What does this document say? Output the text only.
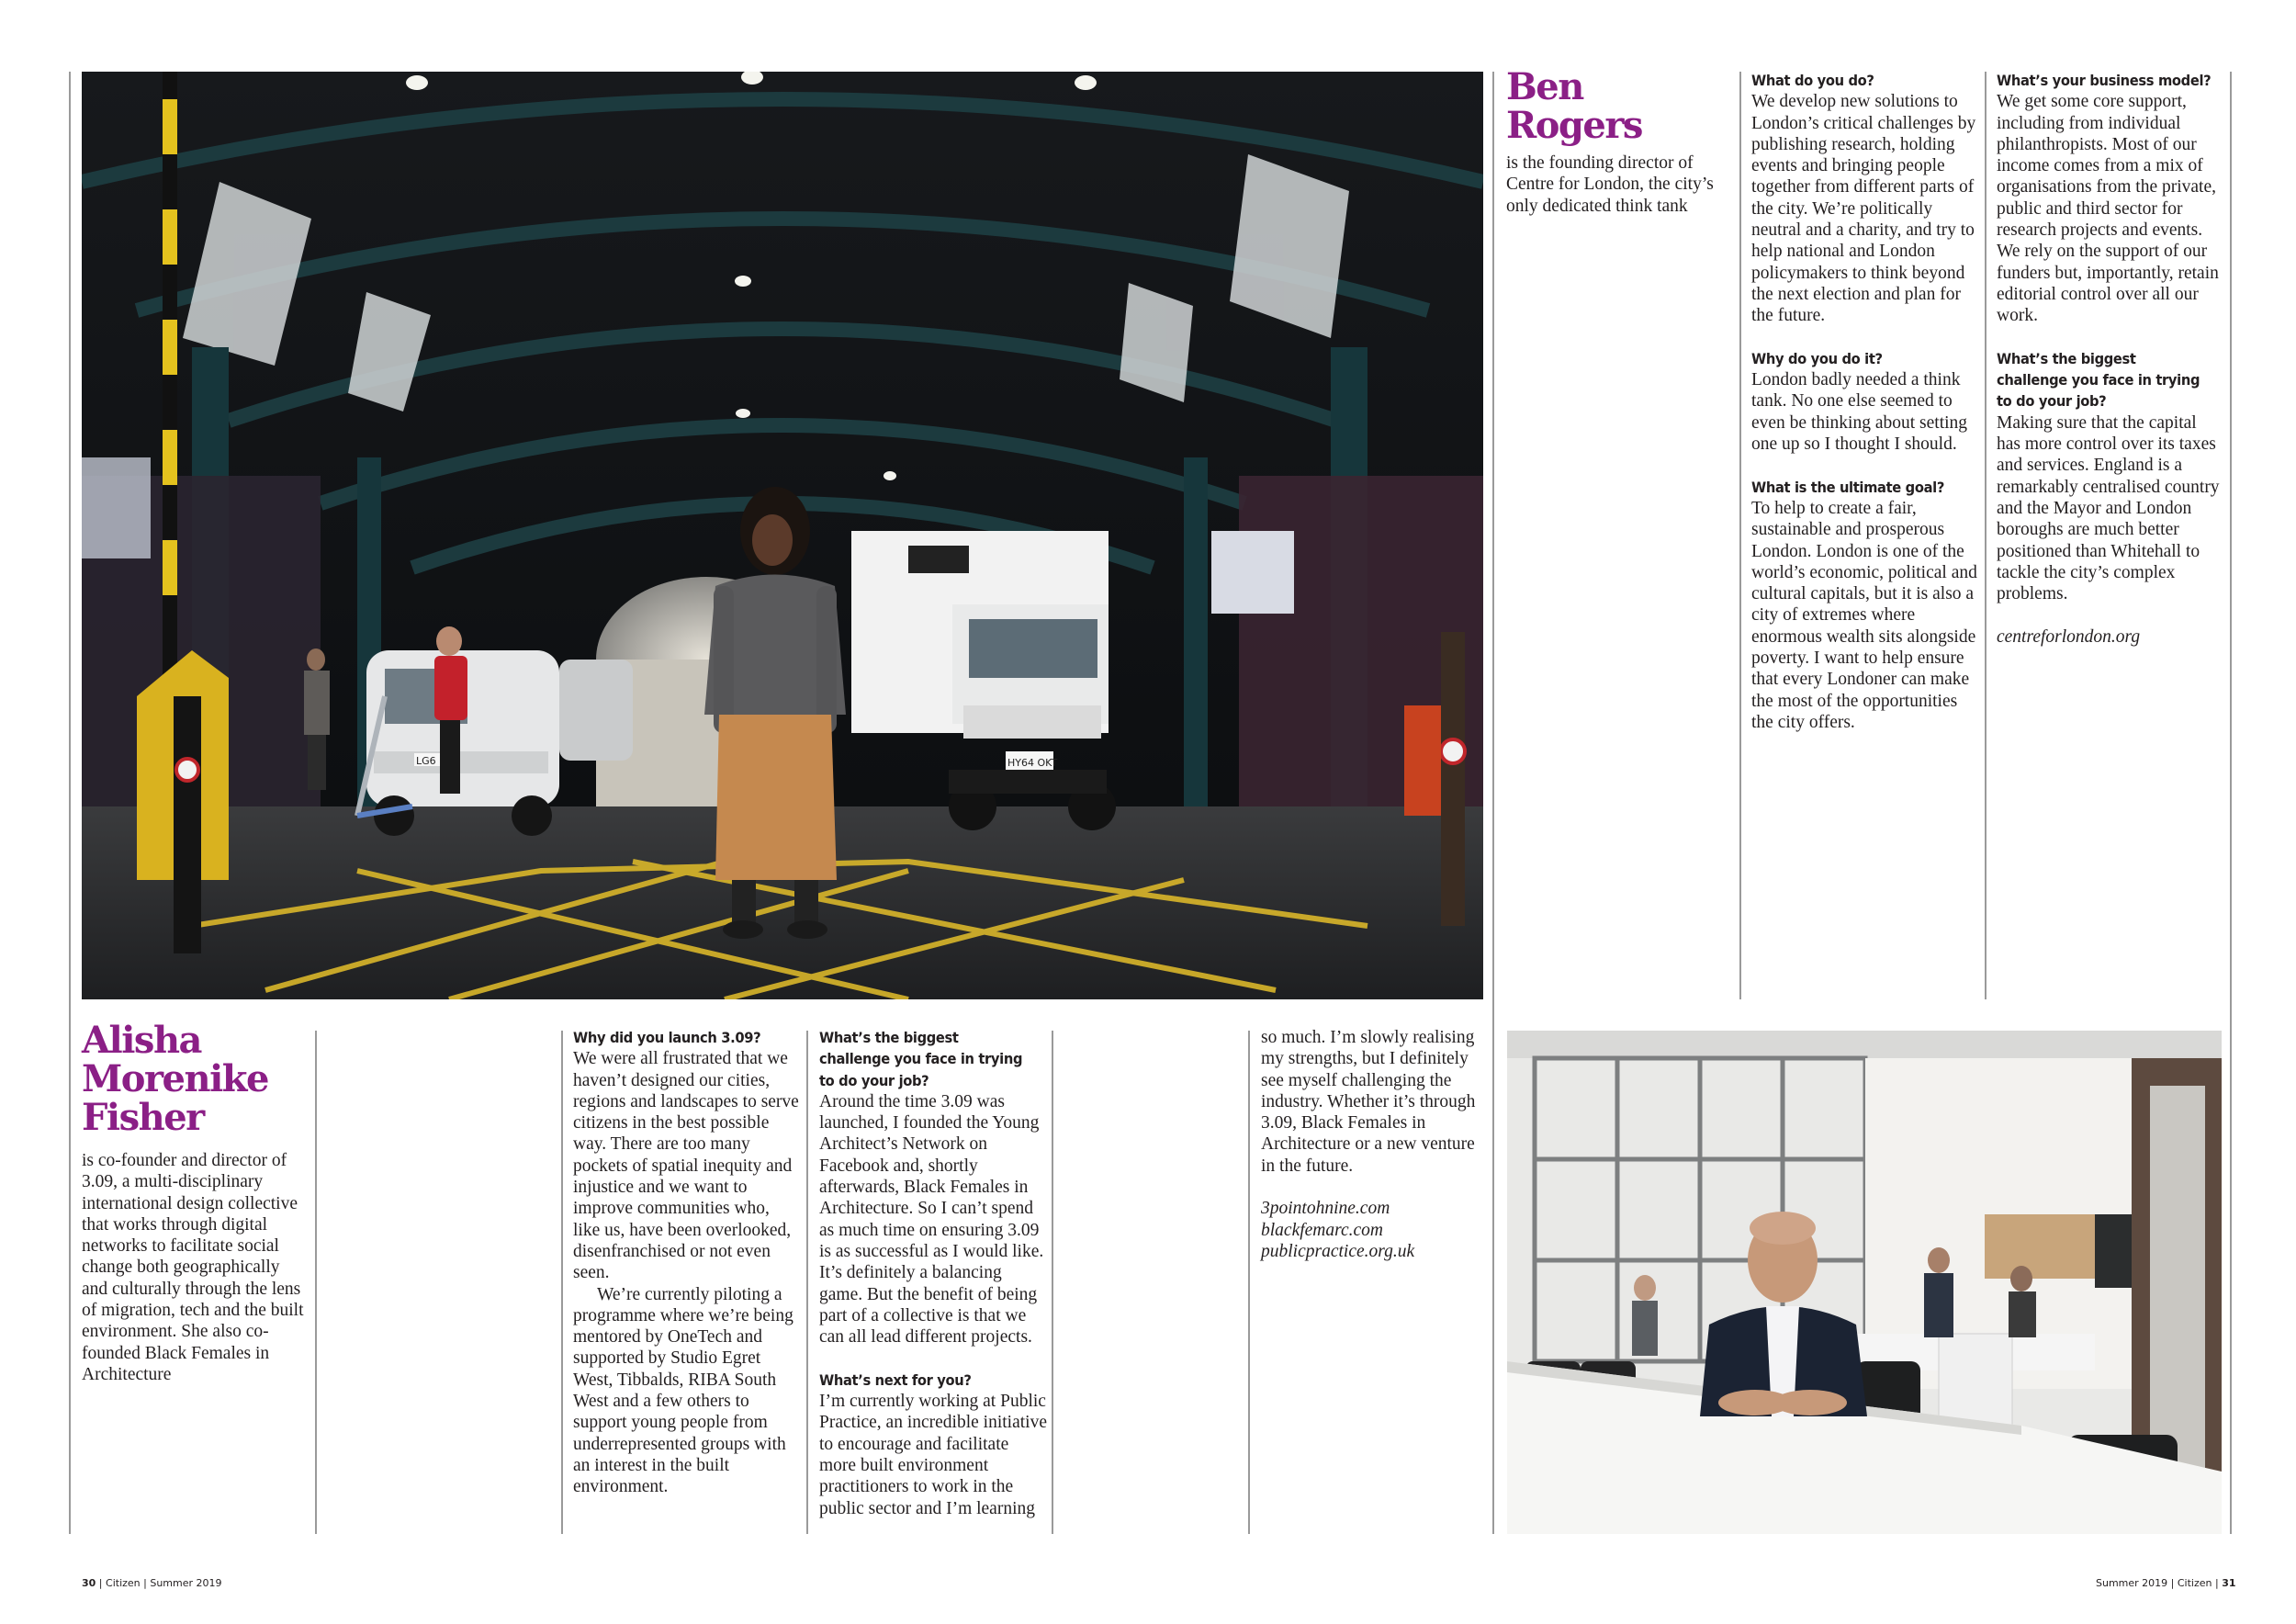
LG6	HY64 OKT
Alisha
Morenike
Fisher

is co-founder and director of 3.09, a multi-disciplinary international design collective that works through digital networks to facilitate social change both geographically and culturally through the lens of migration, tech and the built environment. She also co-founded Black Females in Architecture

Why did you launch 3.09?

We were all frustrated that we haven’t designed our cities, regions and landscapes to serve citizens in the best possible way. There are too many pockets of spatial inequity and injustice and we want to improve communities who, like us, have been overlooked, disenfranchised or not even seen.

We’re currently piloting a programme where we’re being mentored by OneTech and supported by Studio Egret West, Tibbalds, RIBA South West and a few others to support young people from underrepresented groups with an interest in the built environment.

What’s the biggest

challenge you face in trying

to do your job?

Around the time 3.09 was launched, I founded the Young Architect’s Network on Facebook and, shortly afterwards, Black Females in Architecture. So I can’t spend as much time on ensuring 3.09 is as successful as I would like. It’s definitely a balancing game. But the benefit of being part of a collective is that we can all lead different projects.

What’s next for you?

I’m currently working at Public Practice, an incredible initiative to encourage and facilitate more built environment practitioners to work in the public sector and I’m learning

Ben
Rogers

is the founding director of Centre for London, the city’s only dedicated think tank

What do you do?

We develop new solutions to London’s critical challenges by publishing research, holding events and bringing people together from different parts of the city. We’re politically neutral and a charity, and try to help national and London policymakers to think beyond the next election and plan for the future.

Why do you do it?

London badly needed a think tank. No one else seemed to even be thinking about setting one up so I thought I should.

What is the ultimate goal?

To help to create a fair, sustainable and prosperous London. London is one of the world’s economic, political and cultural capitals, but it is also a city of extremes where enormous wealth sits alongside poverty. I want to help ensure that every Londoner can make the most of the opportunities the city offers.

What’s your business model?

We get some core support, including from individual philanthropists. Most of our income comes from a mix of organisations from the private, public and third sector for research projects and events. We rely on the support of our funders but, importantly, retain editorial control over all our work.

What’s the biggest

challenge you face in trying

to do your job?

Making sure that the capital has more control over its taxes and services. England is a remarkably centralised country and the Mayor and London boroughs are much better positioned than Whitehall to tackle the city’s complex problems.

centreforlondon.org

30 | Citizen | Summer 2019	Summer 2019 | Citizen | 31

so much. I’m slowly realising my strengths, but I definitely see myself challenging the industry. Whether it’s through 3.09, Black Females in Architecture or a new venture in the future.

3pointohnine.com

blackfemarc.com

publicpractice.org.uk
